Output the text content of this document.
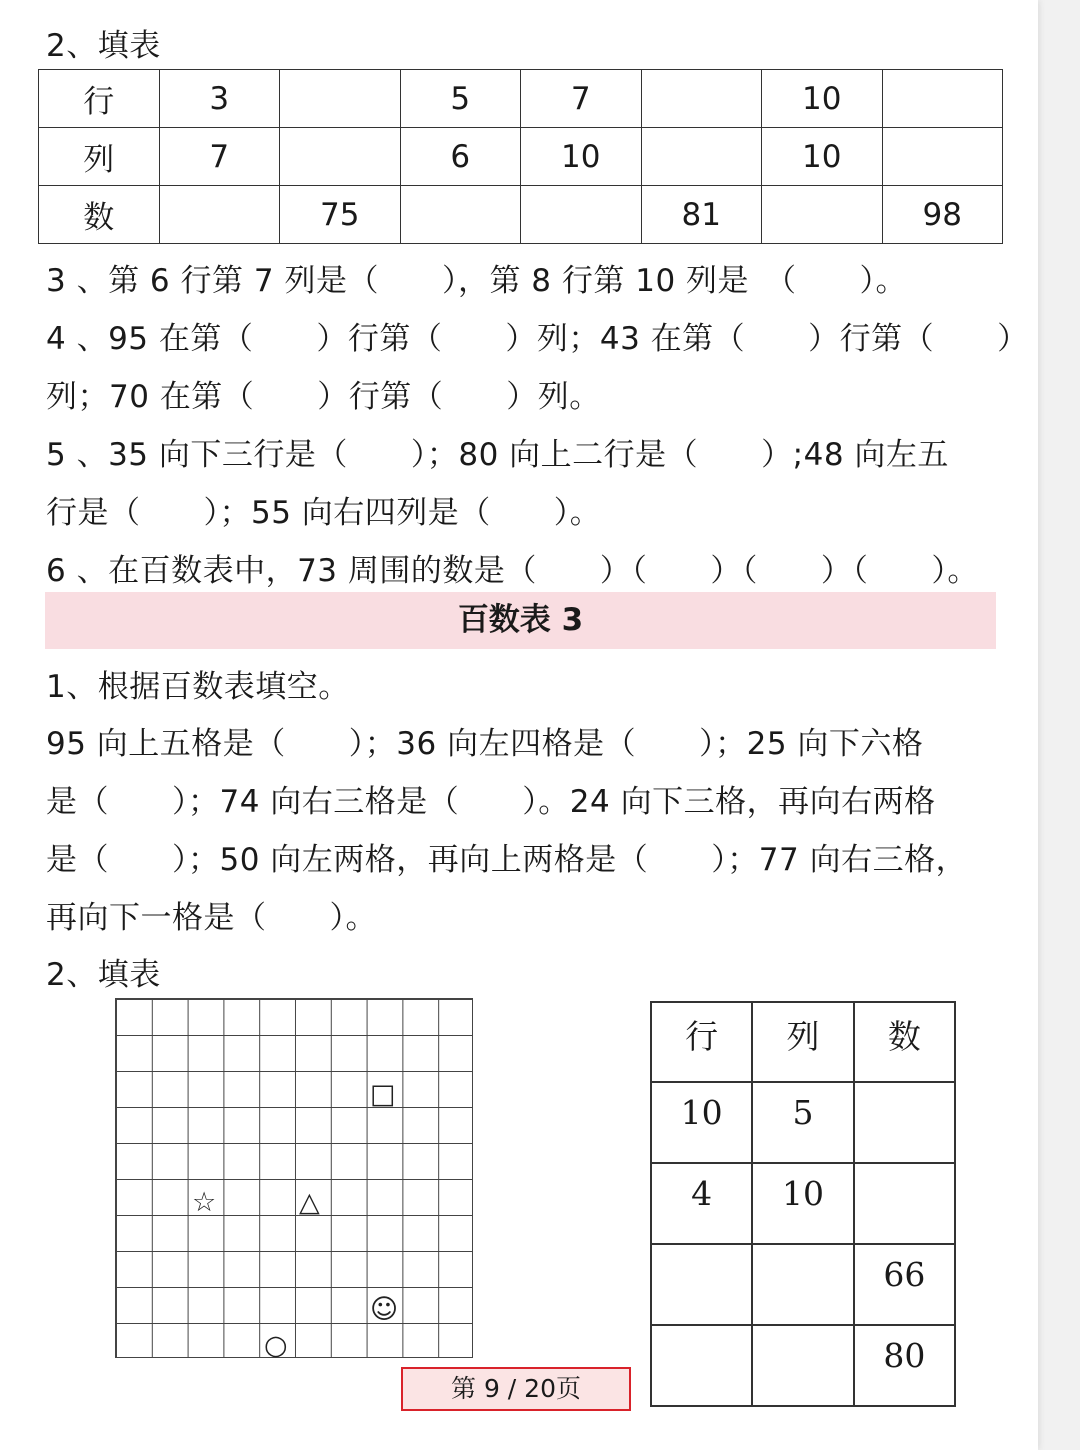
2、填表
行	3		5	7		10	
列	7		6	10		10	
数		75			81		98
3 、第 6 行第 7 列是（　　），第 8 行第 10 列是　（　　）。
4 、95 在第（　　）行第（　　）列；43 在第（　　）行第（　　）
列；70 在第（　　）行第（　　）列。
5 、35 向下三行是（　　）；80 向上二行是（　　）;48 向左五
行是（　　）；55 向右四列是（　　）。
6 、在百数表中，73 周围的数是（　　）（　　）（　　）（　　）。
百数表 3
1、根据百数表填空。
95 向上五格是（　　）；36 向左四格是（　　）；25 向下六格
是（　　）；74 向右三格是（　　）。24 向下三格，再向右两格
是（　　）；50 向左两格，再向上两格是（　　）；77 向右三格，
再向下一格是（　　）。
2、填表
□
☆	△
☺
○
行	列	数
10	5	
4	10	
		66
		80
第 9 / 20页
